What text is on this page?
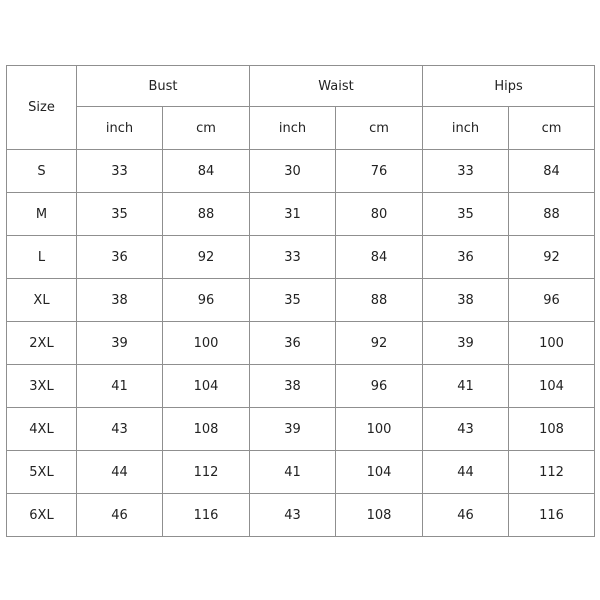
Size	Bust		Waist		Hips	
	inch	cm	inch	cm	inch	cm
S	33	84	30	76	33	84
M	35	88	31	80	35	88
L	36	92	33	84	36	92
XL	38	96	35	88	38	96
2XL	39	100	36	92	39	100
3XL	41	104	38	96	41	104
4XL	43	108	39	100	43	108
5XL	44	112	41	104	44	112
6XL	46	116	43	108	46	116
